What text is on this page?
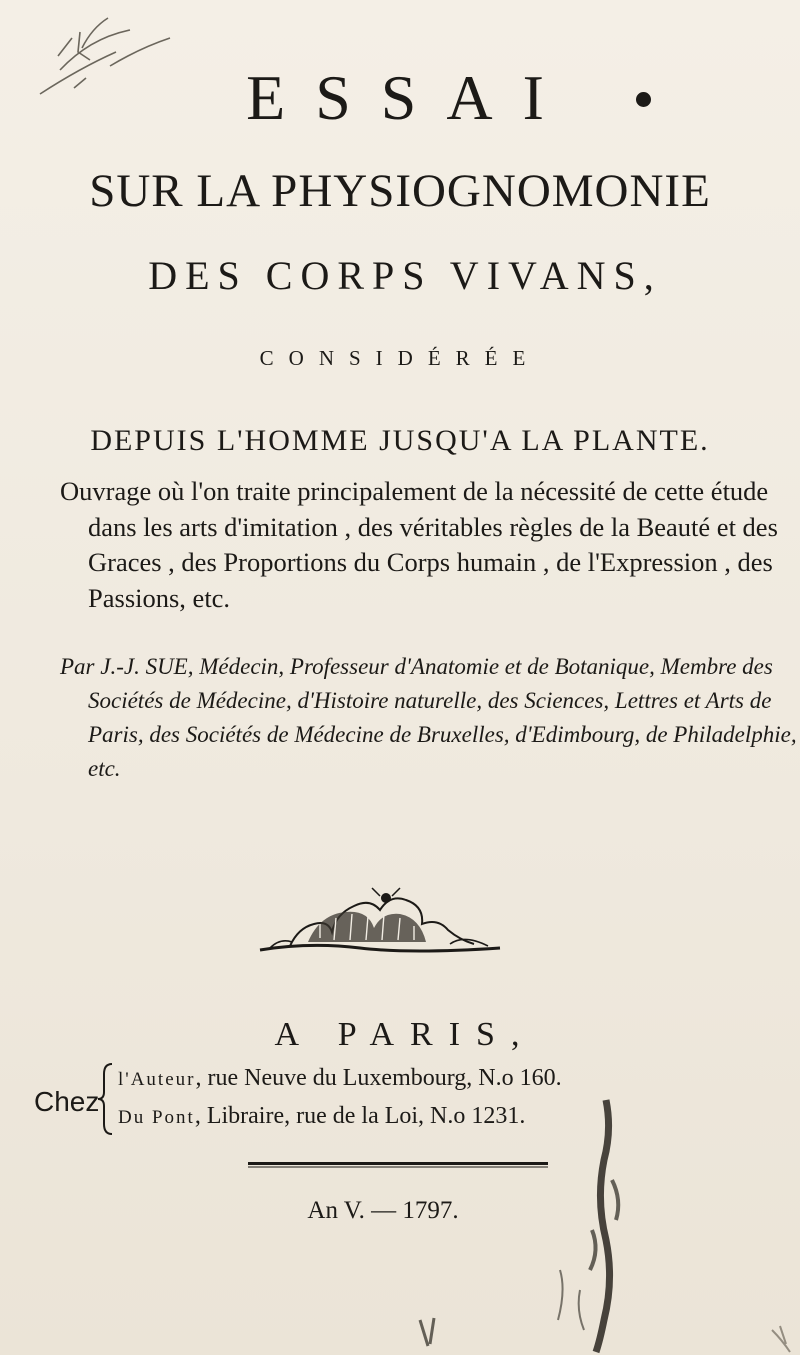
ESSAI
SUR LA PHYSIOGNOMONIE
DES CORPS VIVANS,
CONSIDÉRÉE
DEPUIS L'HOMME JUSQU'A LA PLANTE.

Ouvrage où l'on traite principalement de la nécessité de cette étude dans les arts d'imitation , des véritables règles de la Beauté et des Graces , des Proportions du Corps humain , de l'Expression , des Passions, etc.

Par J.-J. SUE, Médecin, Professeur d'Anatomie et de Botanique, Membre des Sociétés de Médecine, d'Histoire naturelle, des Sciences, Lettres et Arts de Paris, des Sociétés de Médecine de Bruxelles, d'Edimbourg, de Philadelphie, etc.

A PARIS,
Chez
l'Auteur, rue Neuve du Luxembourg, N.o 160.
Du Pont, Libraire, rue de la Loi, N.o 1231.
An V. — 1797.
